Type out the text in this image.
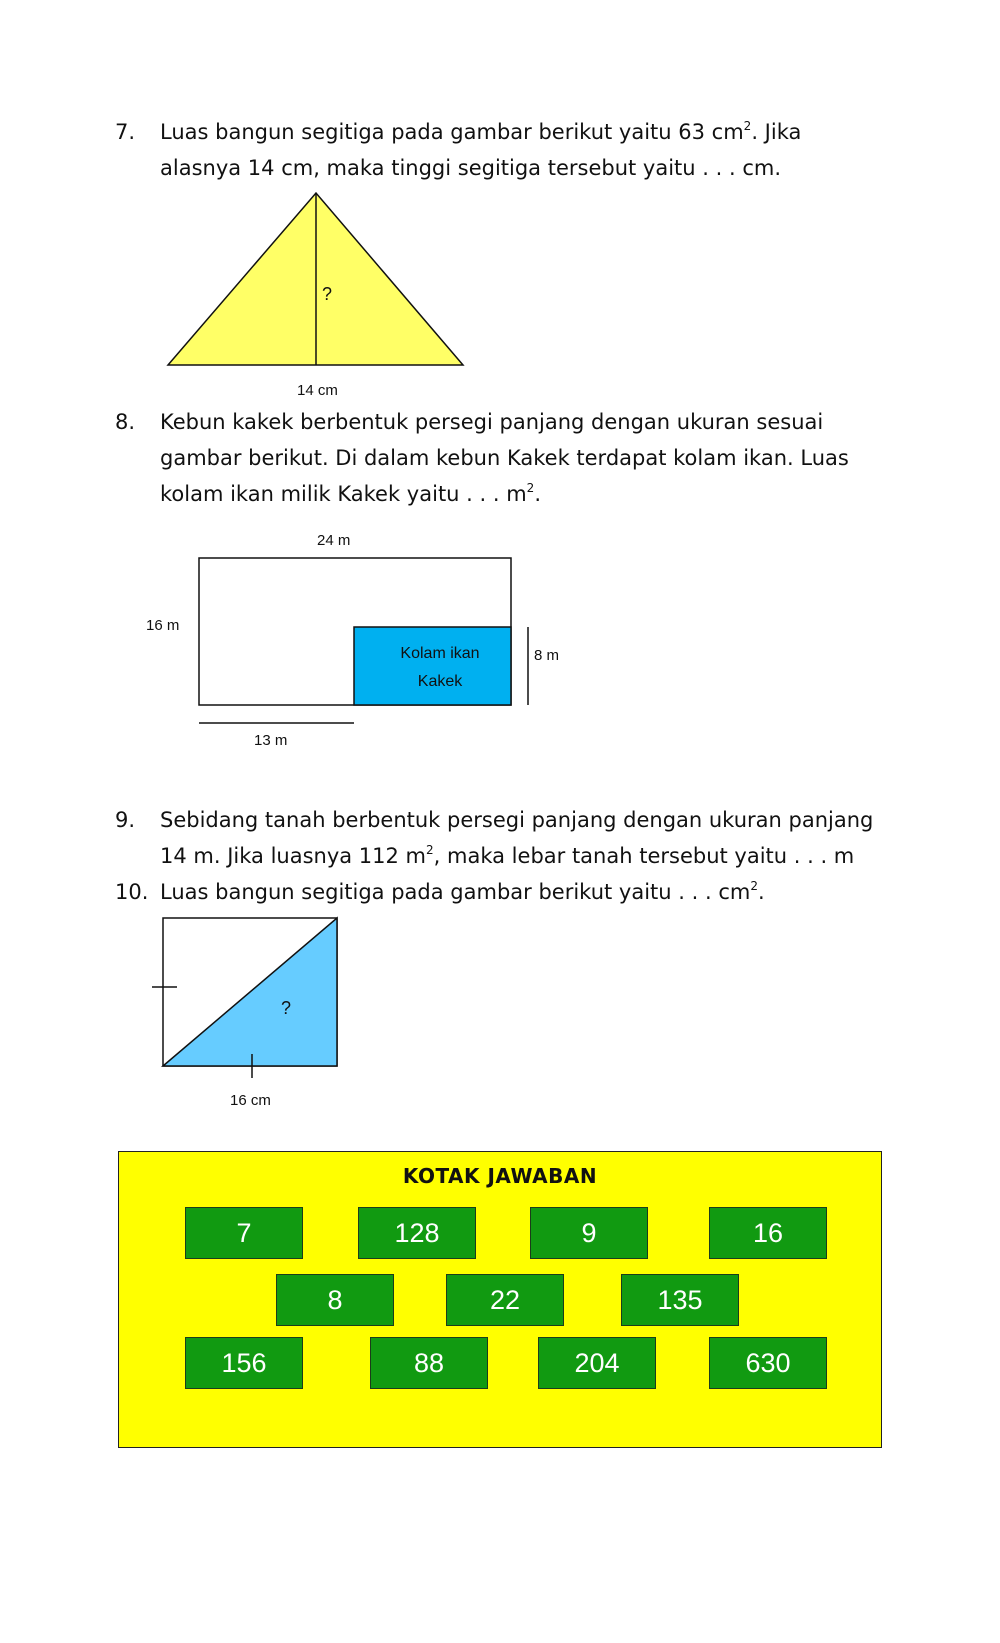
7. Luas bangun segitiga pada gambar berikut yaitu 63 $cm^2$. Jika
alasnya 14 cm, maka tinggi segitiga tersebut yaitu . . . cm.
?
14 cm
8. Kebun kakek berbentuk persegi panjang dengan ukuran sesuai
gambar berikut. Di dalam kebun Kakek terdapat kolam ikan. Luas
kolam ikan milik Kakek yaitu . . . $m^2$.
24 m
16 m
Kolam ikan
Kakek
8 m
13 m
9. Sebidang tanah berbentuk persegi panjang dengan ukuran panjang
14 m. Jika luasnya 112 $m^2$, maka lebar tanah tersebut yaitu . . . m
10. Luas bangun segitiga pada gambar berikut yaitu . . . $cm^2$.
?
16 cm
KOTAK JAWABAN
7	128	9	16
8	22	135
156	88	204	630
